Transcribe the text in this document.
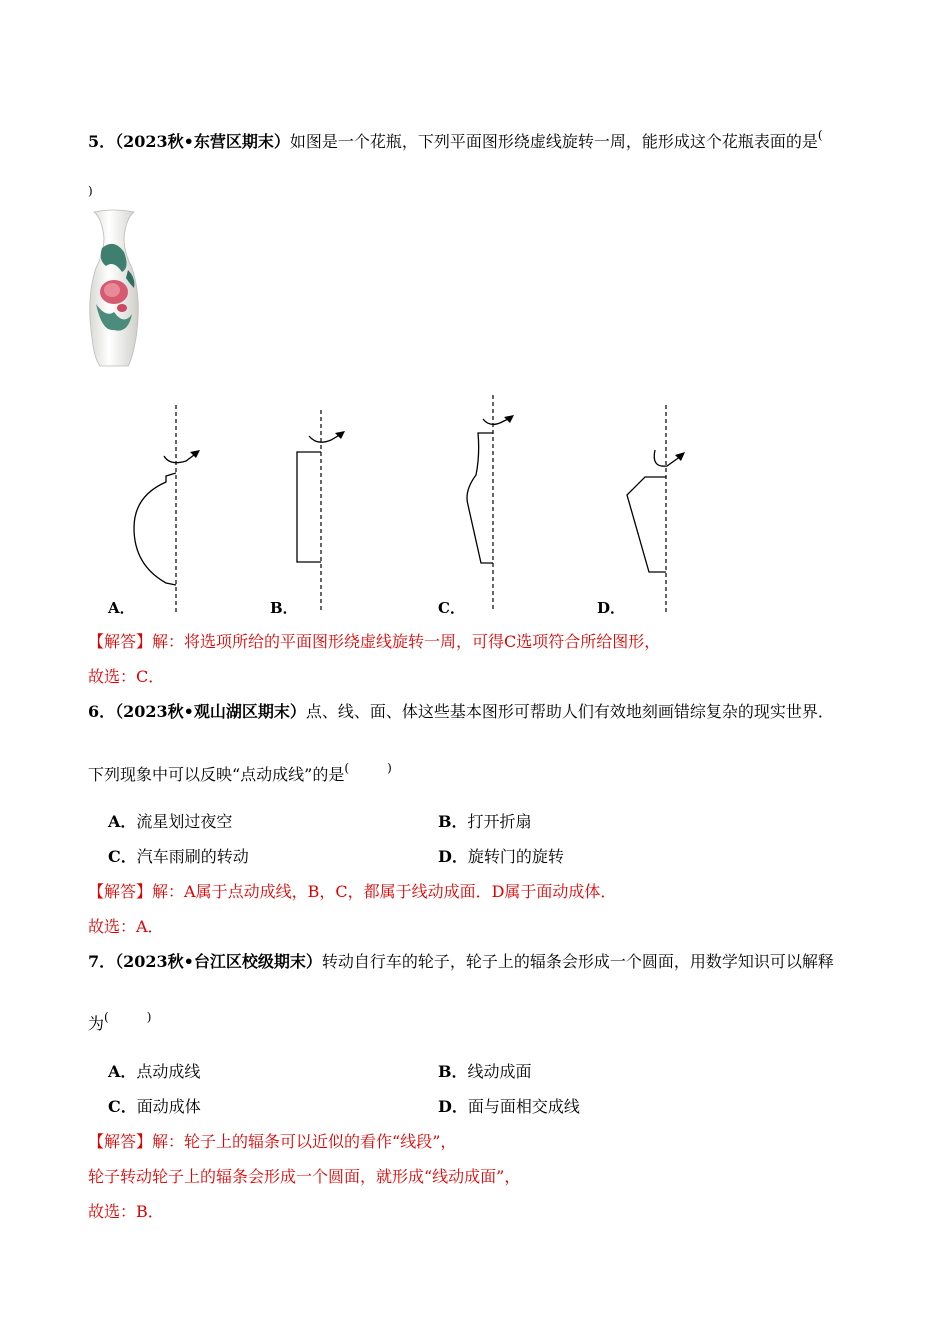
5．（2023秋•东营区期末）如图是一个花瓶，下列平面图形绕虚线旋转一周，能形成这个花瓶表面的是(
)
A．	B．	C．	D．
【解答】解：将选项所给的平面图形绕虚线旋转一周，可得C选项符合所给图形，
故选：C．
6．（2023秋•观山湖区期末）点、线、面、体这些基本图形可帮助人们有效地刻画错综复杂的现实世界．
下列现象中可以反映“点动成线”的是(	)
A．流星划过夜空	B．打开折扇
C．汽车雨刷的转动	D．旋转门的旋转
【解答】解：A属于点动成线，B，C，都属于线动成面．D属于面动成体．
故选：A．
7．（2023秋•台江区校级期末）转动自行车的轮子，轮子上的辐条会形成一个圆面，用数学知识可以解释
为(	)
A．点动成线	B．线动成面
C．面动成体	D．面与面相交成线
【解答】解：轮子上的辐条可以近似的看作“线段”，
轮子转动轮子上的辐条会形成一个圆面，就形成“线动成面”，
故选：B．
